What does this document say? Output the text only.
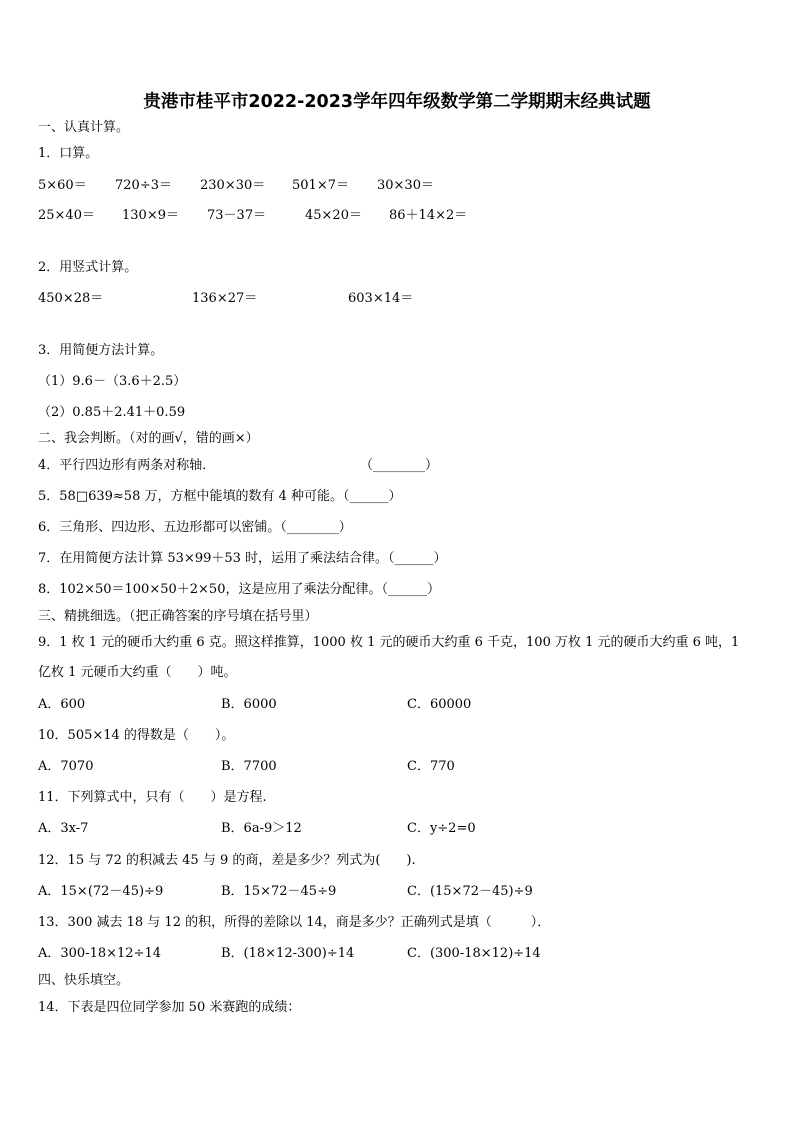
贵港市桂平市2022-2023学年四年级数学第二学期期末经典试题
一、认真计算。
1．口算。
5×60＝ 720÷3＝ 230×30＝ 501×7＝ 30×30＝
25×40＝ 130×9＝ 73－37＝	45×20＝ 86＋14×2＝
2．用竖式计算。
450×28＝	136×27＝	603×14＝
3．用简便方法计算。
（1）9.6－（3.6＋2.5）
（2）0.85＋2.41＋0.59
二、我会判断。（对的画√，错的画×）
4．平行四边形有两条对称轴．	（________）
5．58□639≈58 万，方框中能填的数有 4 种可能。（______）
6．三角形、四边形、五边形都可以密铺。（________）
7．在用简便方法计算 53×99＋53 时，运用了乘法结合律。（______）
8．102×50＝100×50＋2×50，这是应用了乘法分配律。（______）
三、精挑细选。（把正确答案的序号填在括号里）
9．1 枚 1 元的硬币大约重 6 克。照这样推算，1000 枚 1 元的硬币大约重 6 千克，100 万枚 1 元的硬币大约重 6 吨，1
亿枚 1 元硬币大约重（　　）吨。
A．600	B．6000	C．60000
10．505×14 的得数是（　　）。
A．7070	B．7700	C．770
11．下列算式中，只有（　　）是方程.
A．3x-7	B．6a-9＞12	C．y÷2=0
12．15 与 72 的积减去 45 与 9 的商，差是多少？列式为(　　).
A．15×(72－45)÷9	B．15×72－45÷9	C．(15×72－45)÷9
13．300 减去 18 与 12 的积，所得的差除以 14，商是多少？正确列式是填（　　　）．
A．300-18×12÷14	B．(18×12-300)÷14	C．(300-18×12)÷14
四、快乐填空。
14．下表是四位同学参加 50 米赛跑的成绩：
